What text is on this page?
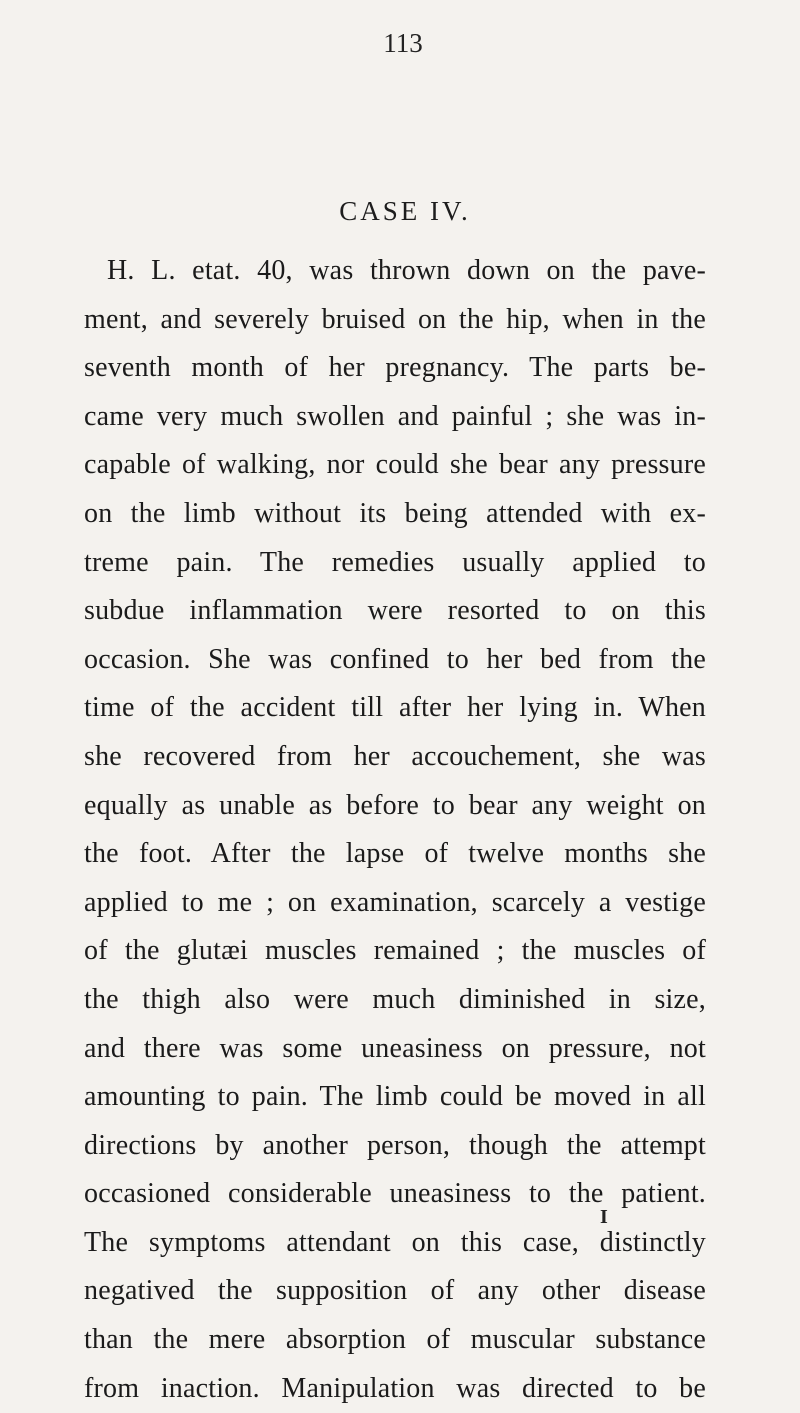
113
CASE IV.
H. L. etat. 40, was thrown down on the pave-
ment, and severely bruised on the hip, when in the
seventh month of her pregnancy. The parts be-
came very much swollen and painful ; she was in-
capable of walking, nor could she bear any pressure
on the limb without its being attended with ex-
treme pain. The remedies usually applied to
subdue inflammation were resorted to on this
occasion. She was confined to her bed from the
time of the accident till after her lying in. When
she recovered from her accouchement, she was
equally as unable as before to bear any weight on
the foot. After the lapse of twelve months she
applied to me ; on examination, scarcely a vestige
of the glutæi muscles remained ; the muscles of
the thigh also were much diminished in size,
and there was some uneasiness on pressure, not
amounting to pain. The limb could be moved in all
directions by another person, though the attempt
occasioned considerable uneasiness to the patient.
The symptoms attendant on this case, distinctly
negatived the supposition of any other disease
than the mere absorption of muscular substance
from inaction. Manipulation was directed to be
I
